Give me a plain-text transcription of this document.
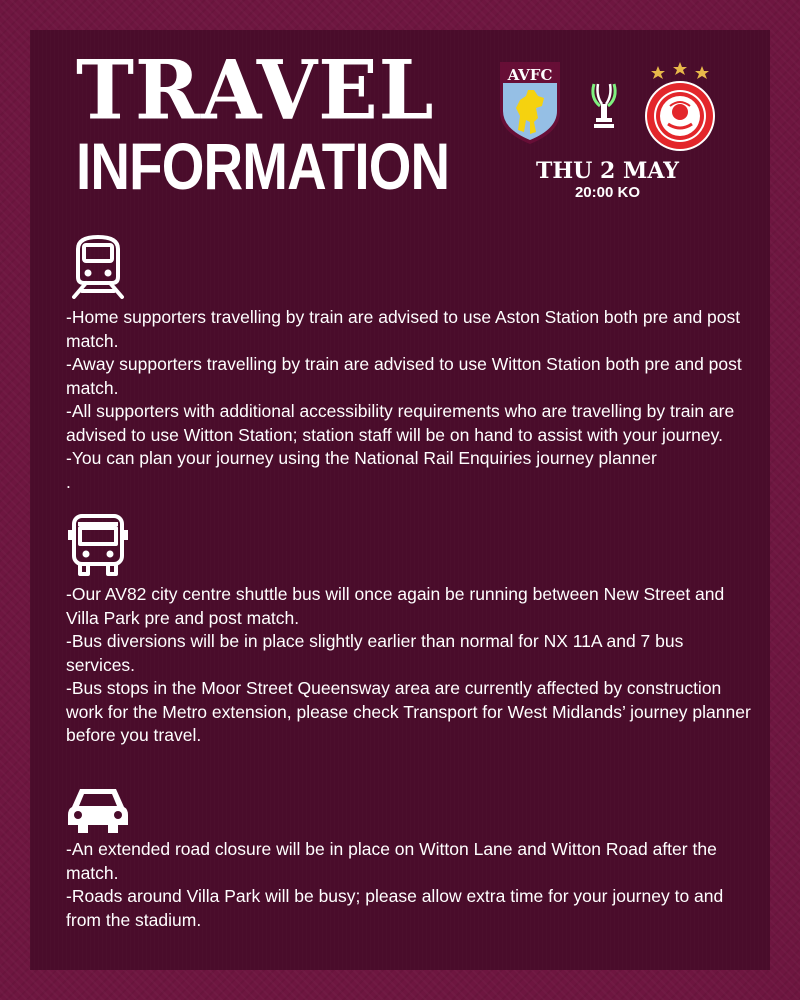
TRAVEL
INFORMATION
AVFC
THU 2 MAY
20:00 KO

-Home supporters travelling by train are advised to use Aston Station both pre and post match.

-Away supporters travelling by train are advised to use Witton Station both pre and post match.

-All supporters with additional accessibility requirements who are travelling by train are advised to use Witton Station; station staff will be on hand to assist with your journey.

-You can plan your journey using the National Rail Enquiries journey planner

.

-Our AV82 city centre shuttle bus will once again be running between New Street and Villa Park pre and post match.

-Bus diversions will be in place slightly earlier than normal for NX 11A and 7 bus services.

-Bus stops in the Moor Street Queensway area are currently affected by construction work for the Metro extension, please check Transport for West Midlands’ journey planner before you travel.

-An extended road closure will be in place on Witton Lane and Witton Road after the match.

-Roads around Villa Park will be busy; please allow extra time for your journey to and from the stadium.
